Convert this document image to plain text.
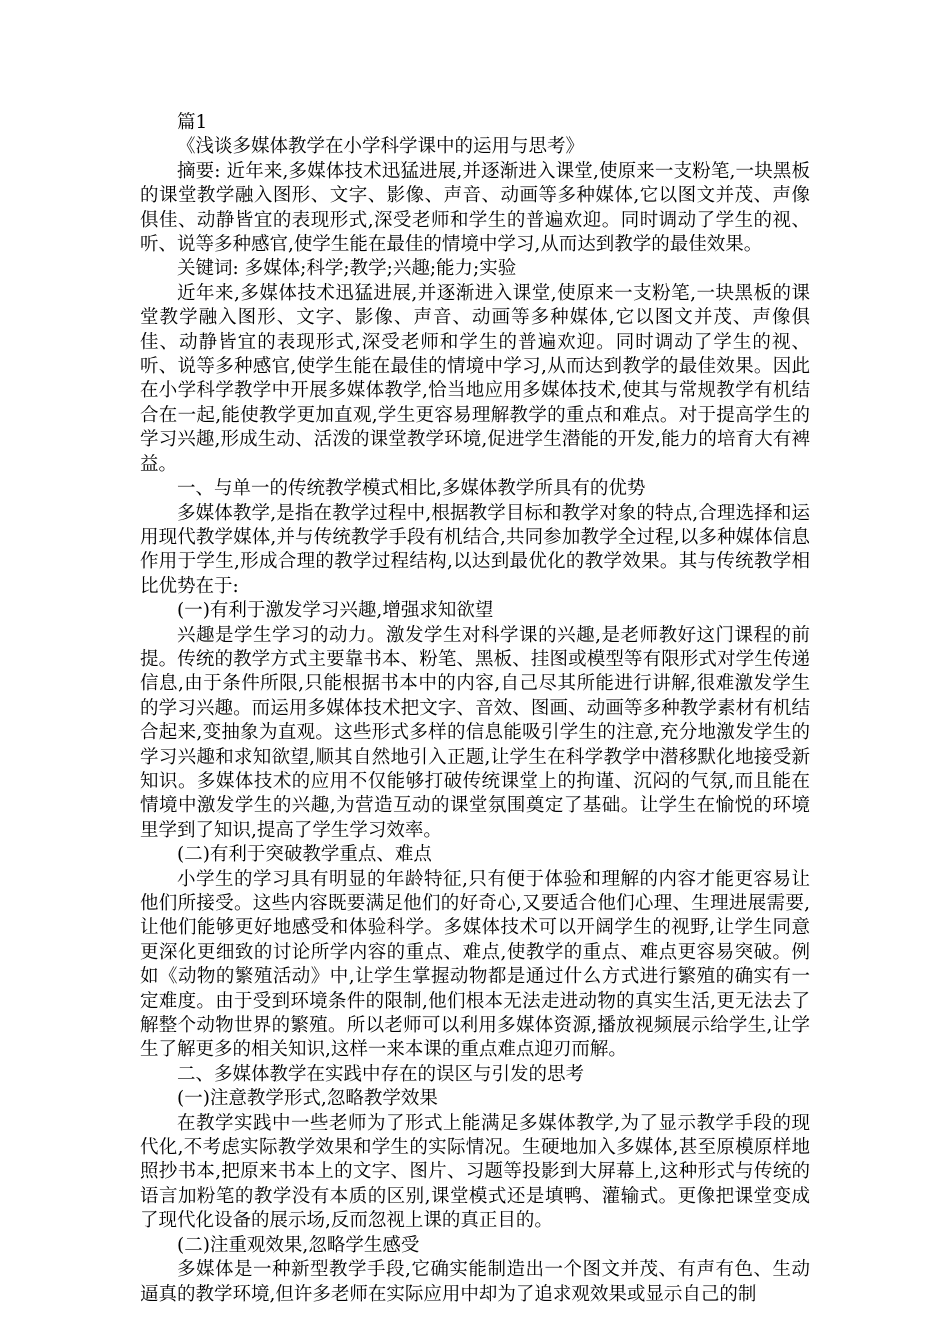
篇1

《浅谈多媒体教学在小学科学课中的运用与思考》

摘要: 近年来,多媒体技术迅猛进展,并逐渐进入课堂,使原来一支粉笔,一块黑板的课堂教学融入图形、文字、影像、声音、动画等多种媒体,它以图文并茂、声像俱佳、动静皆宜的表现形式,深受老师和学生的普遍欢迎。同时调动了学生的视、听、说等多种感官,使学生能在最佳的情境中学习,从而达到教学的最佳效果。

关键词: 多媒体;科学;教学;兴趣;能力;实验

近年来,多媒体技术迅猛进展,并逐渐进入课堂,使原来一支粉笔,一块黑板的课堂教学融入图形、文字、影像、声音、动画等多种媒体,它以图文并茂、声像俱佳、动静皆宜的表现形式,深受老师和学生的普遍欢迎。同时调动了学生的视、听、说等多种感官,使学生能在最佳的情境中学习,从而达到教学的最佳效果。因此在小学科学教学中开展多媒体教学,恰当地应用多媒体技术,使其与常规教学有机结合在一起,能使教学更加直观,学生更容易理解教学的重点和难点。对于提高学生的学习兴趣,形成生动、活泼的课堂教学环境,促进学生潜能的开发,能力的培育大有裨益。

一、与单一的传统教学模式相比,多媒体教学所具有的优势

多媒体教学,是指在教学过程中,根据教学目标和教学对象的特点,合理选择和运用现代教学媒体,并与传统教学手段有机结合,共同参加教学全过程,以多种媒体信息作用于学生,形成合理的教学过程结构,以达到最优化的教学效果。其与传统教学相比优势在于:

(一)有利于激发学习兴趣,增强求知欲望

兴趣是学生学习的动力。激发学生对科学课的兴趣,是老师教好这门课程的前提。传统的教学方式主要靠书本、粉笔、黑板、挂图或模型等有限形式对学生传递信息,由于条件所限,只能根据书本中的内容,自己尽其所能进行讲解,很难激发学生的学习兴趣。而运用多媒体技术把文字、音效、图画、动画等多种教学素材有机结合起来,变抽象为直观。这些形式多样的信息能吸引学生的注意,充分地激发学生的学习兴趣和求知欲望,顺其自然地引入正题,让学生在科学教学中潜移默化地接受新知识。多媒体技术的应用不仅能够打破传统课堂上的拘谨、沉闷的气氛,而且能在情境中激发学生的兴趣,为营造互动的课堂氛围奠定了基础。让学生在愉悦的环境里学到了知识,提高了学生学习效率。

(二)有利于突破教学重点、难点

小学生的学习具有明显的年龄特征,只有便于体验和理解的内容才能更容易让他们所接受。这些内容既要满足他们的好奇心,又要适合他们心理、生理进展需要,让他们能够更好地感受和体验科学。多媒体技术可以开阔学生的视野,让学生同意更深化更细致的讨论所学内容的重点、难点,使教学的重点、难点更容易突破。例如《动物的繁殖活动》中,让学生掌握动物都是通过什么方式进行繁殖的确实有一定难度。由于受到环境条件的限制,他们根本无法走进动物的真实生活,更无法去了解整个动物世界的繁殖。所以老师可以利用多媒体资源,播放视频展示给学生,让学生了解更多的相关知识,这样一来本课的重点难点迎刃而解。

二、多媒体教学在实践中存在的误区与引发的思考

(一)注意教学形式,忽略教学效果

在教学实践中一些老师为了形式上能满足多媒体教学,为了显示教学手段的现代化,不考虑实际教学效果和学生的实际情况。生硬地加入多媒体,甚至原模原样地照抄书本,把原来书本上的文字、图片、习题等投影到大屏幕上,这种形式与传统的语言加粉笔的教学没有本质的区别,课堂模式还是填鸭、灌输式。更像把课堂变成了现代化设备的展示场,反而忽视上课的真正目的。

(二)注重观效果,忽略学生感受

多媒体是一种新型教学手段,它确实能制造出一个图文并茂、有声有色、生动逼真的教学环境,但许多老师在实际应用中却为了追求观效果或显示自己的制
